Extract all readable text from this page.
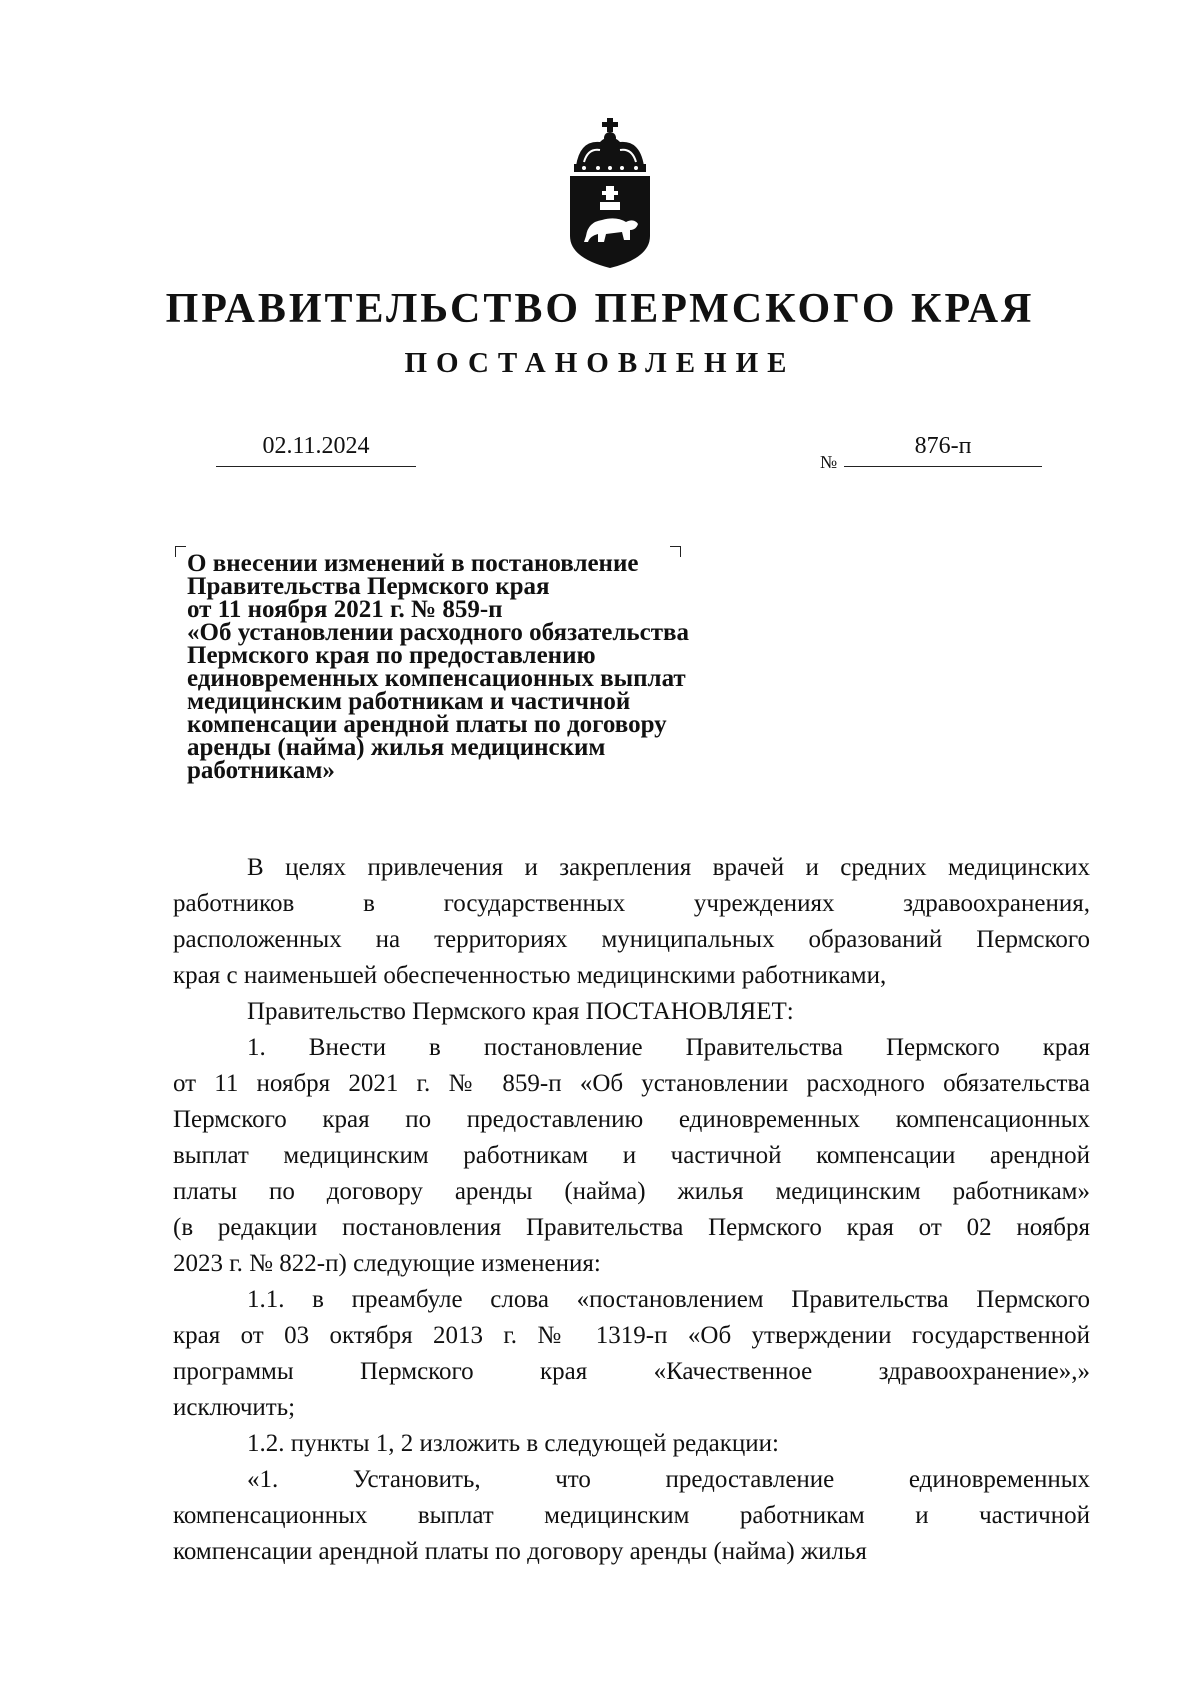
ПРАВИТЕЛЬСТВО ПЕРМСКОГО КРАЯ
ПОСТАНОВЛЕНИЕ
02.11.2024
№
876-п
О внесении изменений в постановление
Правительства Пермского края
от 11 ноября 2021 г. № 859-п
«Об установлении расходного обязательства
Пермского края по предоставлению
единовременных компенсационных выплат
медицинским работникам и частичной
компенсации арендной платы по договору
аренды (найма) жилья медицинским
работникам»

В целях привлечения и закрепления врачей и средних медицинских
работников в государственных учреждениях здравоохранения,
расположенных на территориях муниципальных образований Пермского
края с наименьшей обеспеченностью медицинскими работниками,

Правительство Пермского края ПОСТАНОВЛЯЕТ:

1. Внести в постановление Правительства Пермского края
от 11 ноября 2021 г. № 859-п «Об установлении расходного обязательства
Пермского края по предоставлению единовременных компенсационных
выплат медицинским работникам и частичной компенсации арендной
платы по договору аренды (найма) жилья медицинским работникам»
(в редакции постановления Правительства Пермского края от 02 ноября
2023 г. № 822-п) следующие изменения:

1.1. в преамбуле слова «постановлением Правительства Пермского
края от 03 октября 2013 г. № 1319-п «Об утверждении государственной
программы Пермского края «Качественное здравоохранение»,»
исключить;

1.2. пункты 1, 2 изложить в следующей редакции:

«1. Установить, что предоставление единовременных
компенсационных выплат медицинским работникам и частичной
компенсации арендной платы по договору аренды (найма) жилья
